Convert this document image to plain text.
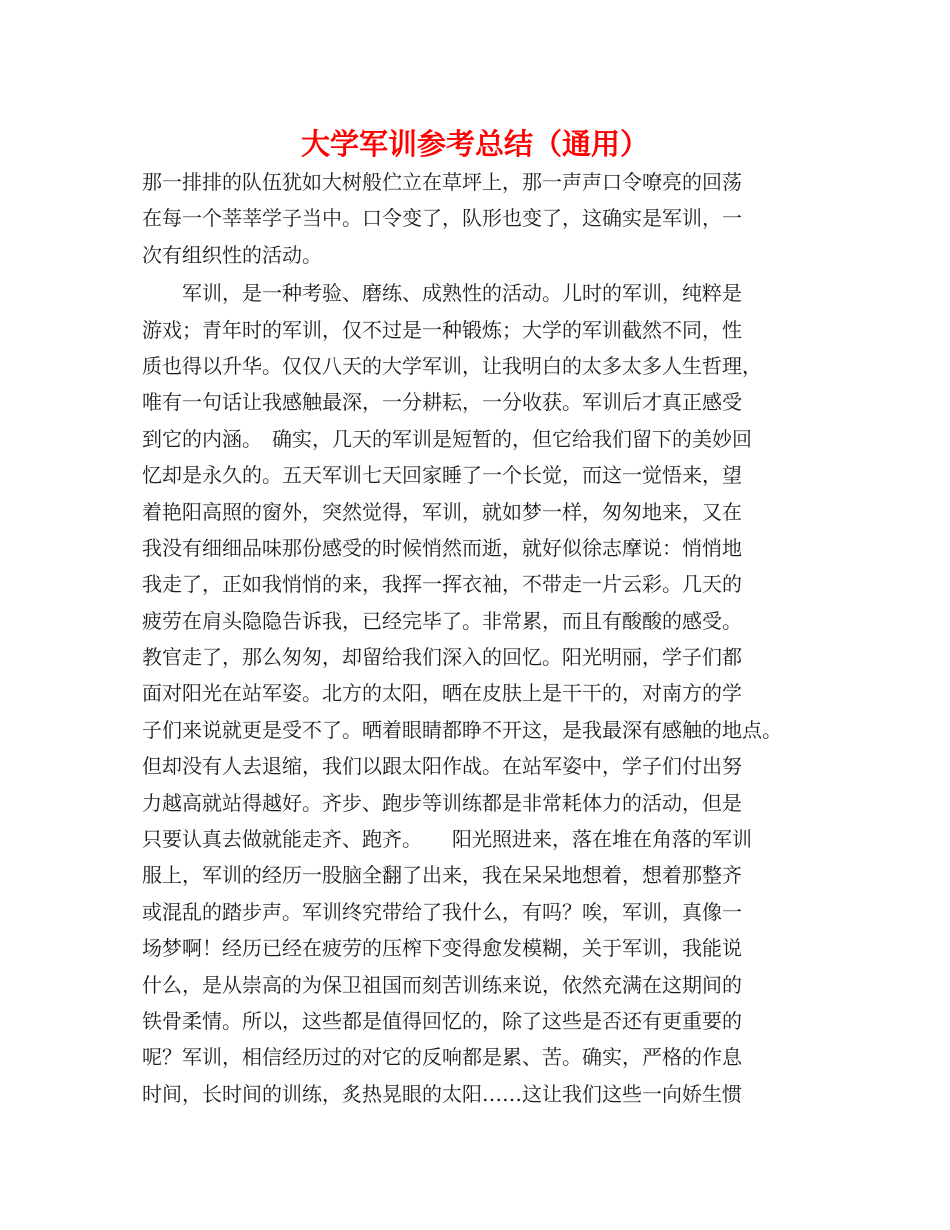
大学军训参考总结（通用）

那一排排的队伍犹如大树般伫立在草坪上，那一声声口令嘹亮的回荡

在每一个莘莘学子当中。口令变了，队形也变了，这确实是军训，一

次有组织性的活动。

　　军训，是一种考验、磨练、成熟性的活动。儿时的军训，纯粹是

游戏；青年时的军训，仅不过是一种锻炼；大学的军训截然不同，性

质也得以升华。仅仅八天的大学军训，让我明白的太多太多人生哲理，

唯有一句话让我感触最深，一分耕耘，一分收获。军训后才真正感受

到它的内涵。　确实，几天的军训是短暂的，但它给我们留下的美妙回

忆却是永久的。五天军训七天回家睡了一个长觉，而这一觉悟来，望

着艳阳高照的窗外，突然觉得，军训，就如梦一样，匆匆地来，又在

我没有细细品味那份感受的时候悄然而逝，就好似徐志摩说：悄悄地

我走了，正如我悄悄的来，我挥一挥衣袖，不带走一片云彩。几天的

疲劳在肩头隐隐告诉我，已经完毕了。非常累，而且有酸酸的感受。

教官走了，那么匆匆，却留给我们深入的回忆。阳光明丽，学子们都

面对阳光在站军姿。北方的太阳，晒在皮肤上是干干的，对南方的学

子们来说就更是受不了。晒着眼睛都睁不开这，是我最深有感触的地点。

但却没有人去退缩，我们以跟太阳作战。在站军姿中，学子们付出努

力越高就站得越好。齐步、跑步等训练都是非常耗体力的活动，但是

只要认真去做就能走齐、跑齐。　　阳光照进来，落在堆在角落的军训

服上，军训的经历一股脑全翻了出来，我在呆呆地想着，想着那整齐

或混乱的踏步声。军训终究带给了我什么，有吗？唉，军训，真像一

场梦啊！经历已经在疲劳的压榨下变得愈发模糊，关于军训，我能说

什么，是从崇高的为保卫祖国而刻苦训练来说，依然充满在这期间的

铁骨柔情。所以，这些都是值得回忆的，除了这些是否还有更重要的

呢？军训，相信经历过的对它的反响都是累、苦。确实，严格的作息

时间，长时间的训练，炙热晃眼的太阳……这让我们这些一向娇生惯
